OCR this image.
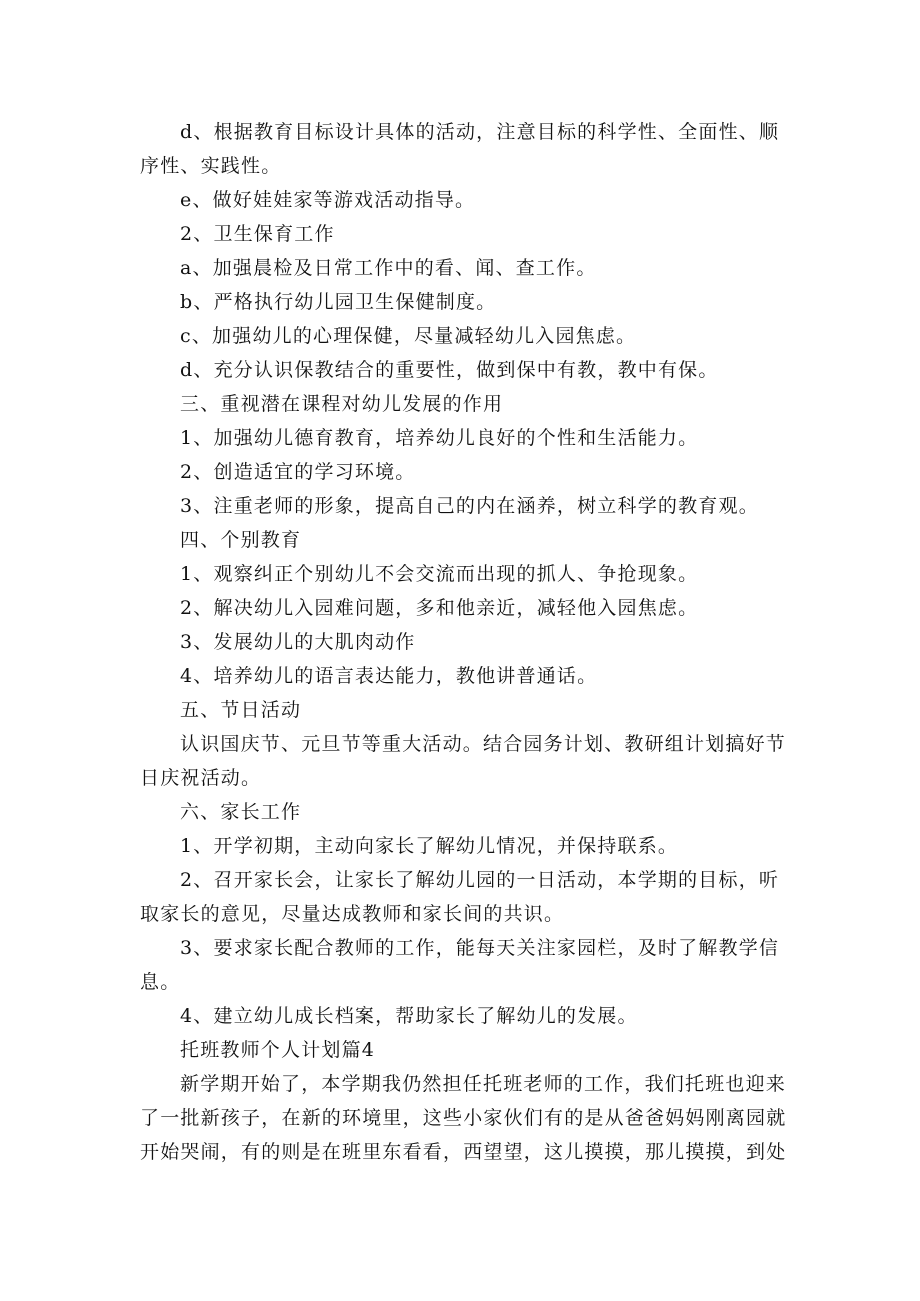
d、根据教育目标设计具体的活动，注意目标的科学性、全面性、顺序性、实践性。

e、做好娃娃家等游戏活动指导。

2、卫生保育工作

a、加强晨检及日常工作中的看、闻、查工作。

b、严格执行幼儿园卫生保健制度。

c、加强幼儿的心理保健，尽量减轻幼儿入园焦虑。

d、充分认识保教结合的重要性，做到保中有教，教中有保。

三、重视潜在课程对幼儿发展的作用

1、加强幼儿德育教育，培养幼儿良好的个性和生活能力。

2、创造适宜的学习环境。

3、注重老师的形象，提高自己的内在涵养，树立科学的教育观。

四、个别教育

1、观察纠正个别幼儿不会交流而出现的抓人、争抢现象。

2、解决幼儿入园难问题，多和他亲近，减轻他入园焦虑。

3、发展幼儿的大肌肉动作

4、培养幼儿的语言表达能力，教他讲普通话。

五、节日活动

认识国庆节、元旦节等重大活动。结合园务计划、教研组计划搞好节日庆祝活动。

六、家长工作

1、开学初期，主动向家长了解幼儿情况，并保持联系。

2、召开家长会，让家长了解幼儿园的一日活动，本学期的目标，听取家长的意见，尽量达成教师和家长间的共识。

3、要求家长配合教师的工作，能每天关注家园栏，及时了解教学信息。

4、建立幼儿成长档案，帮助家长了解幼儿的发展。

托班教师个人计划篇4

新学期开始了，本学期我仍然担任托班老师的工作，我们托班也迎来了一批新孩子，在新的环境里，这些小家伙们有的是从爸爸妈妈刚离园就开始哭闹，有的则是在班里东看看，西望望，这儿摸摸，那儿摸摸，到处
